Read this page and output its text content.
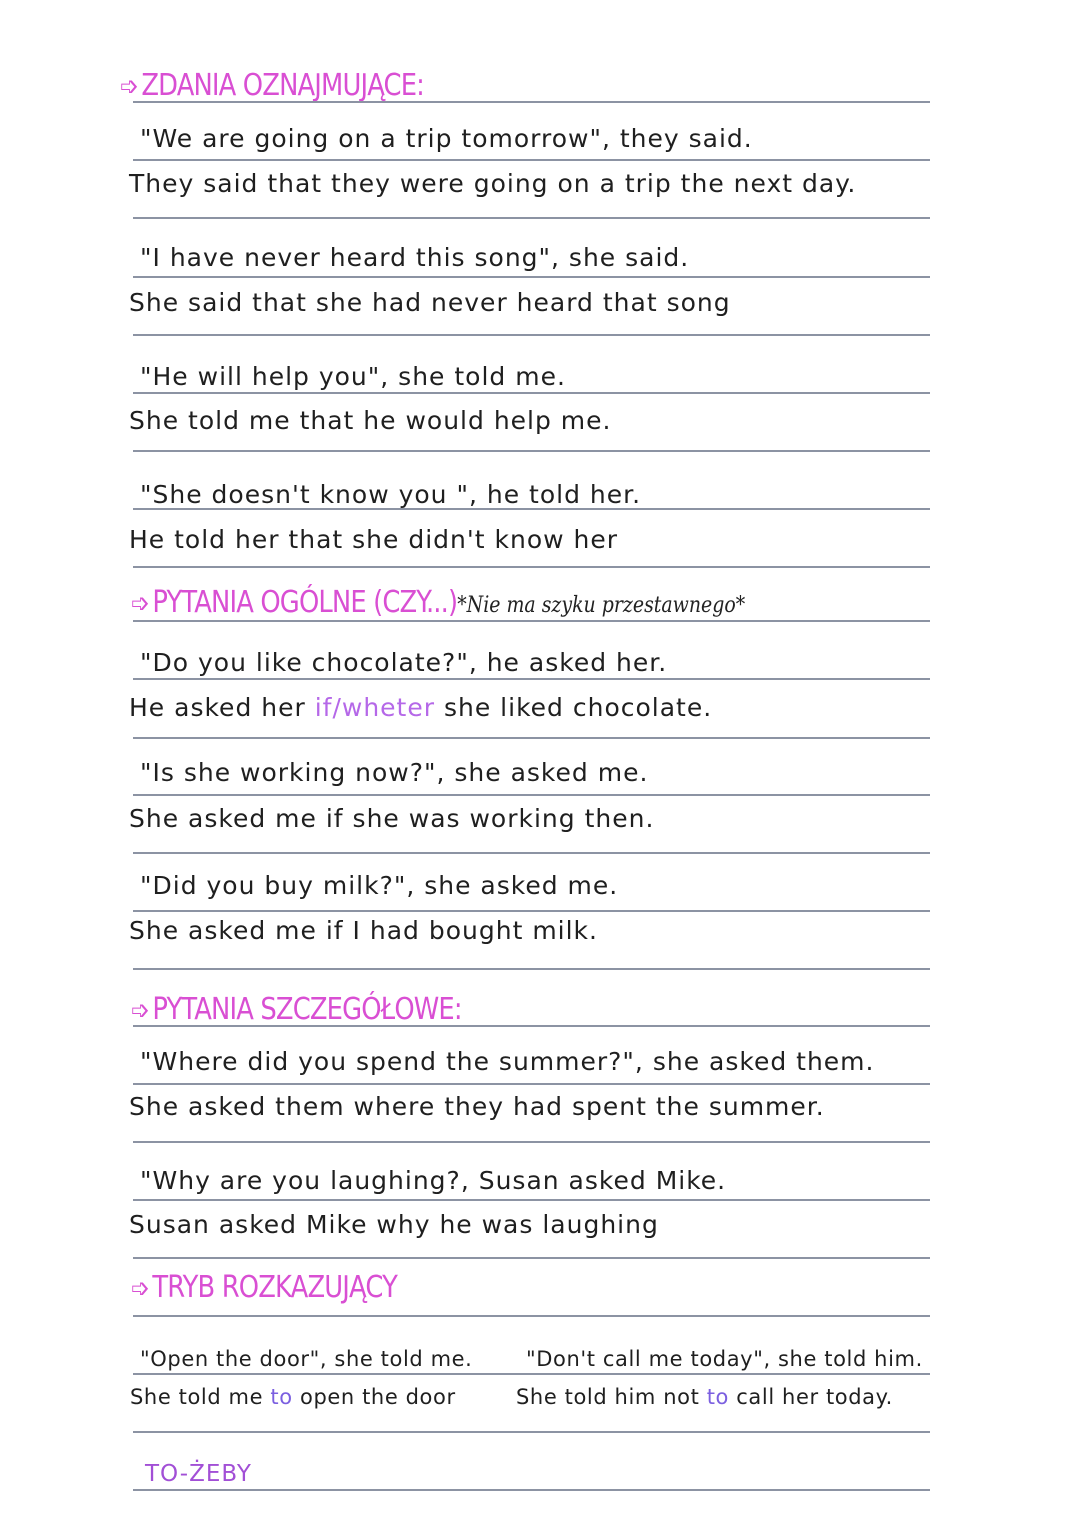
➩ ZDANIA OZNAJMUJĄCE:
"We are going on a trip tomorrow", they said.
They said that they were going on a trip the next day.
"I have never heard this song", she said.
She said that she had never heard that song
"He will help you", she told me.
She told me that he would help me.
"She doesn't know you ", he told her.
He told her that she didn't know her
➩ PYTANIA OGÓLNE (CZY...)*Nie ma szyku przestawnego*
"Do you like chocolate?", he asked her.
He asked her if/wheter she liked chocolate.
"Is she working now?", she asked me.
She asked me if she was working then.
"Did you buy milk?", she asked me.
She asked me if I had bought milk.
➩ PYTANIA SZCZEGÓŁOWE:
"Where did you spend the summer?", she asked them.
She asked them where they had spent the summer.
"Why are you laughing?, Susan asked Mike.
Susan asked Mike why he was laughing
➩ TRYB ROZKAZUJĄCY
"Open the door", she told me.	"Don't call me today", she told him.
She told me to open the door	She told him not to call her today.
TO-ŻEBY
